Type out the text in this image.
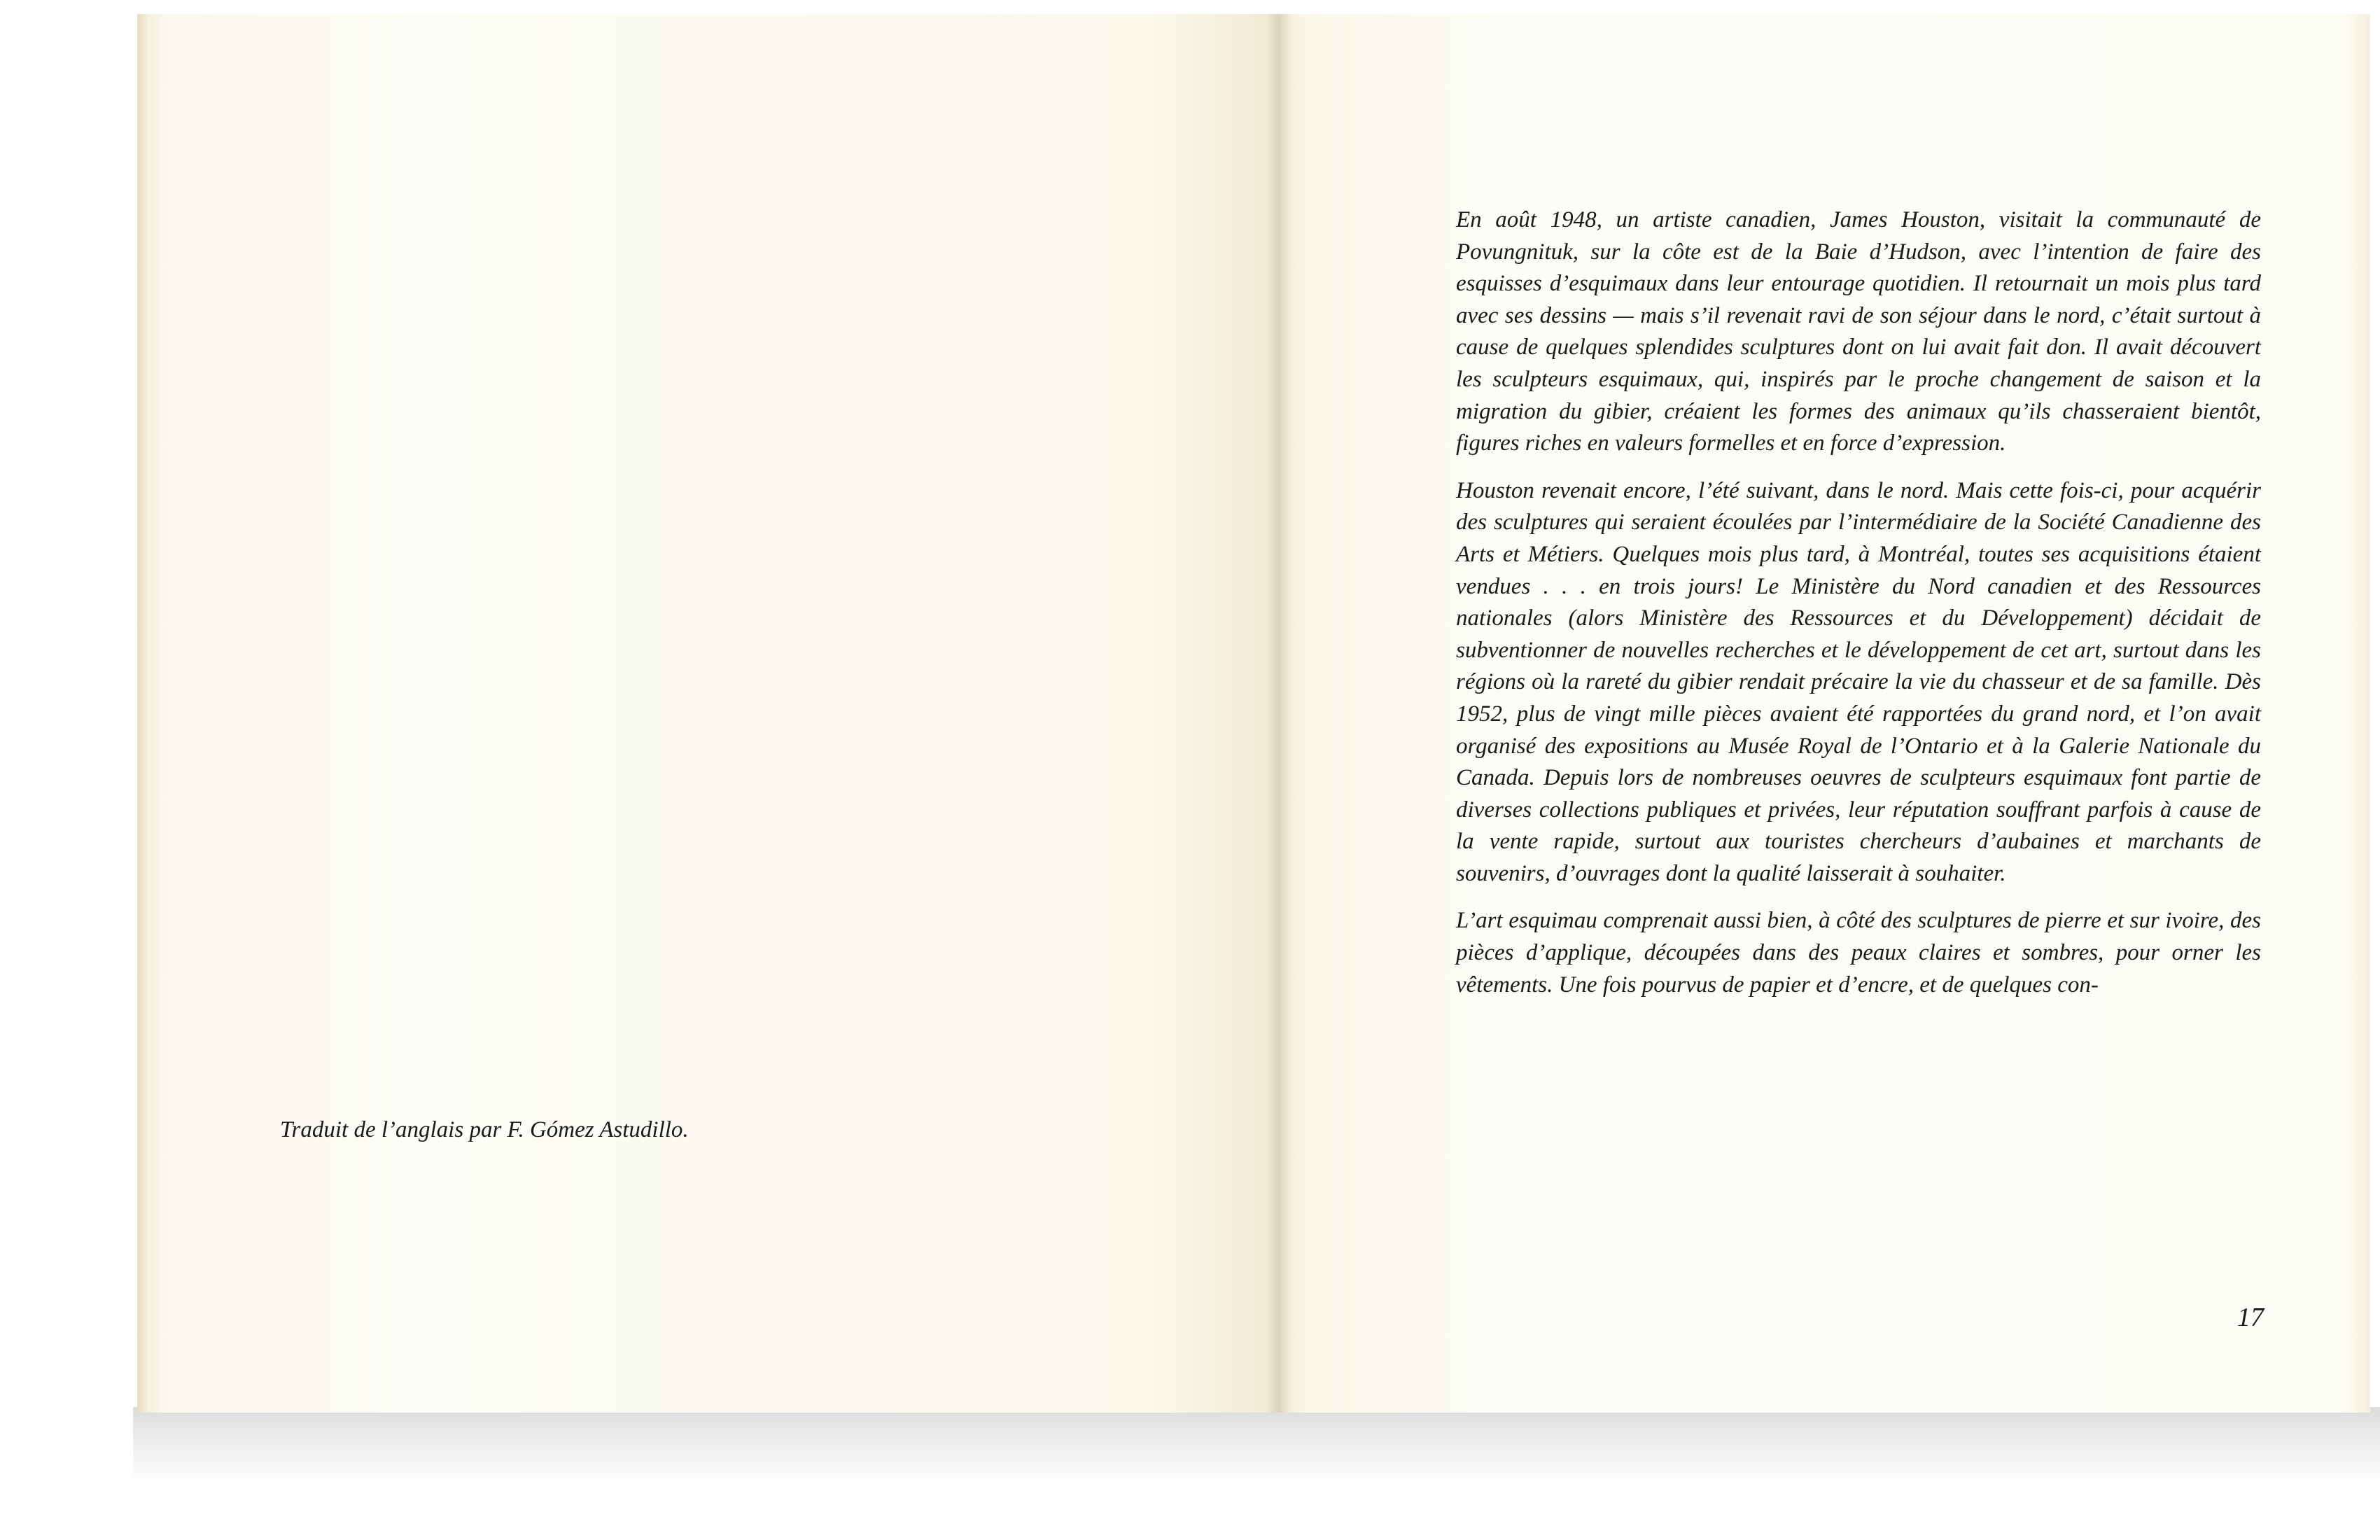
Traduit de l’anglais par F. Gómez Astudillo.

En août 1948, un artiste canadien, James Houston, visitait la communauté de Povungnituk, sur la côte est de la Baie d’Hudson, avec l’intention de faire des esquisses d’esquimaux dans leur entourage quotidien. Il retournait un mois plus tard avec ses dessins — mais s’il revenait ravi de son séjour dans le nord, c’était surtout à cause de quelques splendides sculptures dont on lui avait fait don. Il avait découvert les sculpteurs esquimaux, qui, inspirés par le proche changement de saison et la migration du gibier, créaient les formes des animaux qu’ils chasseraient bientôt, figures riches en valeurs formelles et en force d’expression.

Houston revenait encore, l’été suivant, dans le nord. Mais cette fois-ci, pour acquérir des sculptures qui seraient écoulées par l’intermédiaire de la Société Canadienne des Arts et Métiers. Quelques mois plus tard, à Montréal, toutes ses acquisitions étaient vendues . . . en trois jours! Le Ministère du Nord canadien et des Ressources nationales (alors Ministère des Ressources et du Développement) décidait de subventionner de nouvelles recherches et le développement de cet art, surtout dans les régions où la rareté du gibier rendait précaire la vie du chasseur et de sa famille. Dès 1952, plus de vingt mille pièces avaient été rapportées du grand nord, et l’on avait organisé des expositions au Musée Royal de l’Ontario et à la Galerie Nationale du Canada. Depuis lors de nombreuses oeuvres de sculpteurs esquimaux font partie de diverses collections publiques et privées, leur réputation souffrant parfois à cause de la vente rapide, surtout aux touristes chercheurs d’aubaines et marchants de souvenirs, d’ouvrages dont la qualité laisserait à souhaiter.

L’art esquimau comprenait aussi bien, à côté des sculptures de pierre et sur ivoire, des pièces d’applique, découpées dans des peaux claires et sombres, pour orner les vêtements. Une fois pourvus de papier et d’encre, et de quelques con-

17
